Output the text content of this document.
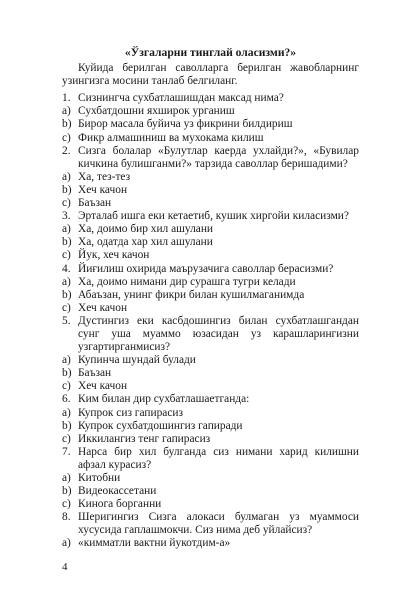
«Ўзгаларни тинглай оласизми?»
Куйида берилган саволларга берилган жавобларнинг узингизга мосини танлаб белгиланг.
1. Сизнингча сухбатлашишдан максад нима?
a) Сухбатдошни яхширок урганиш
b) Бирор масала буйича уз фикрини билдириш
c) Фикр алмашиниш ва мухокама килиш
2. Сизга болалар «Булутлар каерда ухлайди?», «Бувилар кичкина булишганми?» тарзида саволлар беришадими?
a) Ха, тез-тез
b) Хеч качон
c) Баъзан
3. Эрталаб ишга еки кетаетиб, кушик хиргойи киласизми?
a) Ха, доимо бир хил ашулани
b) Ха, одатда хар хил ашулани
c) Йук, хеч качон
4. Йиғилиш охирида маърузачига саволлар берасизми?
a) Ха, доимо нимани дир сурашга тугри келади
b) Абаъзан, унинг фикри билан кушилмаганимда
c) Хеч качон
5. Дустингиз еки касбдошингиз билан сухбатлашгандан сунг уша муаммо юзасидан уз карашларингизни узгартирганмисиз?
a) Купинча шундай булади
b) Баъзан
c) Хеч качон
6. Ким билан дир сухбатлашаетганда:
a) Купрок сиз гапирасиз
b) Купрок сухбатдошингиз гапиради
c) Иккилангиз тенг гапирасиз
7. Нарса бир хил булганда сиз нимани харид килишни афзал курасиз?
a) Китобни
b) Видеокассетани
c) Кинога борганни
8. Шеригингиз Сизга алокаси булмаган уз муаммоси хусусида гаплашмокчи. Сиз нима деб уйлайсиз?
a) «кимматли вактни йукотдим-а»
4
